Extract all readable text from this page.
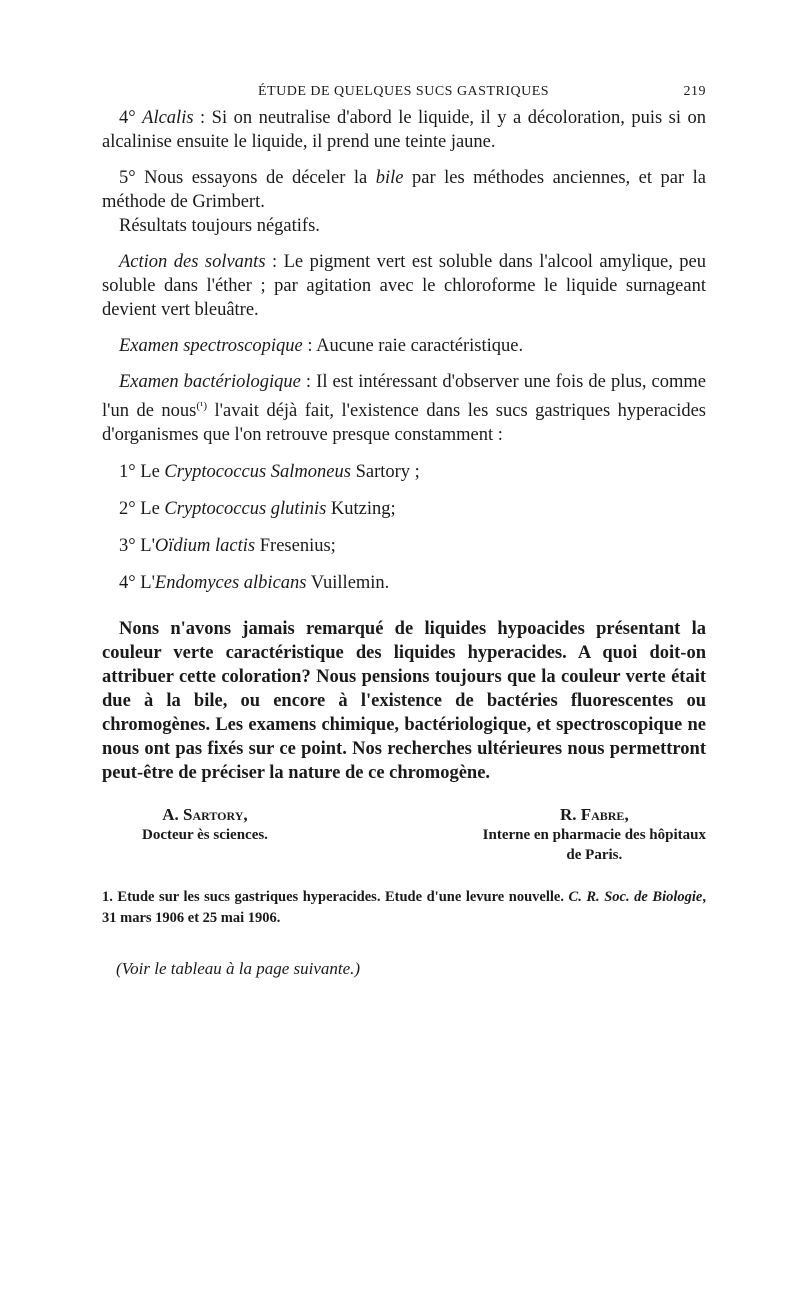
ÉTUDE DE QUELQUES SUCS GASTRIQUES	219

4° Alcalis : Si on neutralise d'abord le liquide, il y a décoloration, puis si on alcalinise ensuite le liquide, il prend une teinte jaune.

5° Nous essayons de déceler la bile par les méthodes anciennes, et par la méthode de Grimbert.

Résultats toujours négatifs.

Action des solvants : Le pigment vert est soluble dans l'alcool amylique, peu soluble dans l'éther ; par agitation avec le chloroforme le liquide surnageant devient vert bleuâtre.

Examen spectroscopique : Aucune raie caractéristique.

Examen bactériologique : Il est intéressant d'observer une fois de plus, comme l'un de nous$^{(^1)}$ l'avait déjà fait, l'existence dans les sucs gastriques hyperacides d'organismes que l'on retrouve presque constamment :

1° Le Cryptococcus Salmoneus Sartory ;
2° Le Cryptococcus glutinis Kutzing;
3° L'Oïdium lactis Fresenius;
4° L'Endomyces albicans Vuillemin.

Nons n'avons jamais remarqué de liquides hypoacides présentant la couleur verte caractéristique des liquides hyperacides. A quoi doit-on attribuer cette coloration? Nous pensions toujours que la couleur verte était due à la bile, ou encore à l'existence de bactéries fluorescentes ou chromogènes. Les examens chimique, bactériologique, et spectroscopique ne nous ont pas fixés sur ce point. Nos recherches ultérieures nous permettront peut-être de préciser la nature de ce chromogène.

A. Sartory,
Docteur ès sciences.
R. Fabre,
Interne en pharmacie des hôpitaux
de Paris.

1. Etude sur les sucs gastriques hyperacides. Etude d'une levure nouvelle. C. R. Soc. de Biologie, 31 mars 1906 et 25 mai 1906.

(Voir le tableau à la page suivante.)
